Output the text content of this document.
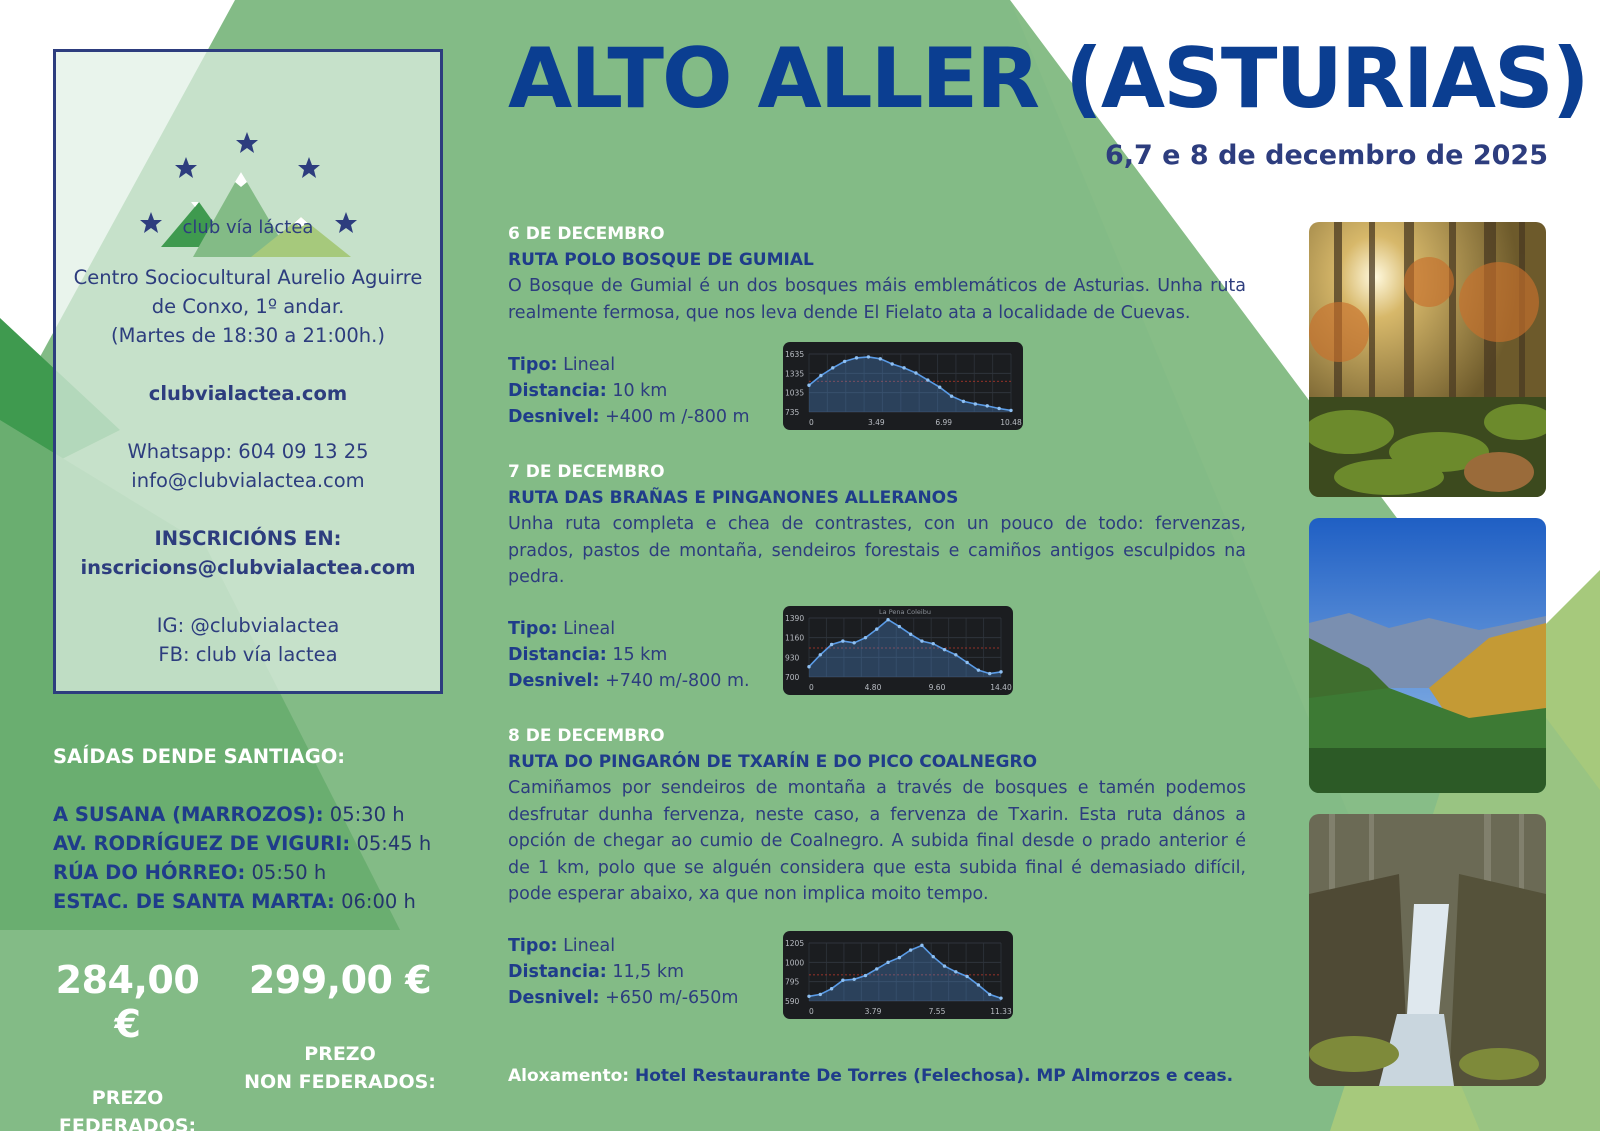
club vía láctea
Centro Sociocultural Aurelio Aguirre
de Conxo, 1º andar.
(Martes de 18:30 a 21:00h.)
clubvialactea.com
Whatsapp: 604 09 13 25
info@clubvialactea.com
INSCRICIÓNS EN:
inscricions@clubvialactea.com
IG: @clubvialactea
FB: club vía lactea
SAÍDAS DENDE SANTIAGO:
A SUSANA (MARROZOS): 05:30 h
AV. RODRÍGUEZ DE VIGURI: 05:45 h
RÚA DO HÓRREO: 05:50 h
ESTAC. DE SANTA MARTA: 06:00 h
284,00 €
PREZO
FEDERADOS:
299,00 €
PREZO
NON FEDERADOS:
ALTO ALLER (ASTURIAS)
6,7 e 8 de decembro de 2025
6 DE DECEMBRO
RUTA POLO BOSQUE DE GUMIAL
O Bosque de Gumial é un dos bosques máis emblemáticos de Asturias. Unha ruta realmente fermosa, que nos leva dende El Fielato ata a localidade de Cuevas.
Tipo: Lineal
Distancia: 10 km
Desnivel: +400 m /-800 m
1635
1335
1035
735
0	3.49	6.99	10.48
7 DE DECEMBRO
RUTA DAS BRAÑAS E PINGANONES ALLERANOS
Unha ruta completa e chea de contrastes, con un pouco de todo: fervenzas, prados, pastos de montaña, sendeiros forestais e camiños antigos esculpidos na pedra.
Tipo: Lineal
Distancia: 15 km
Desnivel: +740 m/-800 m.
1390
1160
930
700
0	4.80	9.60	14.40
La Pena Coleibu
8 DE DECEMBRO
RUTA DO PINGARÓN DE TXARÍN E DO PICO COALNEGRO
Camiñamos por sendeiros de montaña a través de bosques e tamén podemos desfrutar dunha fervenza, neste caso, a fervenza de Txarin. Esta ruta dános a opción de chegar ao cumio de Coalnegro. A subida final desde o prado anterior é de 1 km, polo que se alguén considera que esta subida final é demasiado difícil, pode esperar abaixo, xa que non implica moito tempo.
Tipo: Lineal
Distancia: 11,5 km
Desnivel: +650 m/-650m
1205
1000
795
590
0	3.79	7.55	11.33
Aloxamento: Hotel Restaurante De Torres (Felechosa). MP Almorzos e ceas.
